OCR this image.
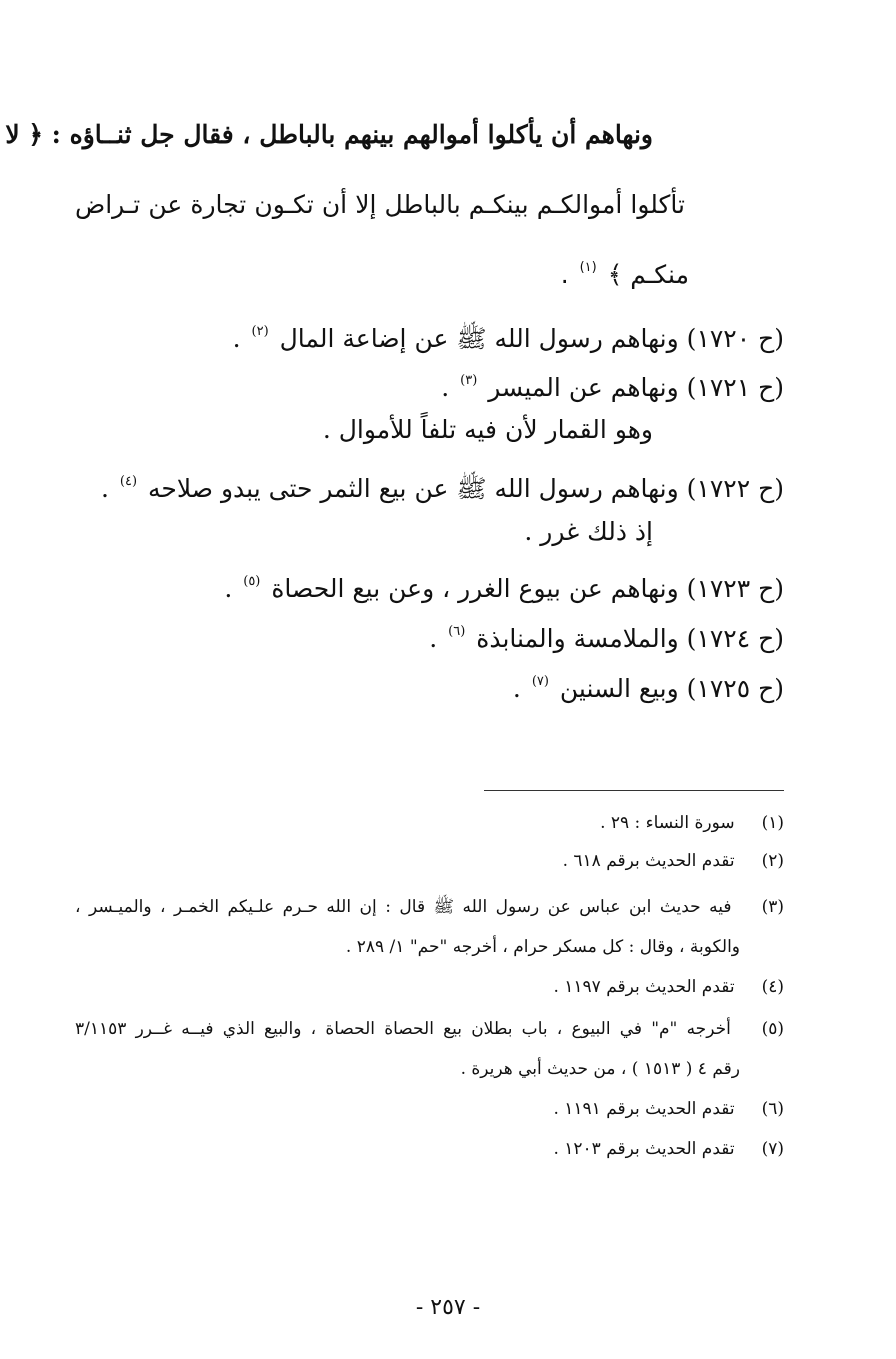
ونهاهم أن يأكلوا أموالهم بينهم بالباطل ، فقال جل ثنــاؤه : ﴿ لا
تأكلوا أموالكـم بينكـم بالباطل إلا أن تكـون تجارة عن تـراض
منكـم ﴾ $^{(١)}$ .
(ح ١٧٢٠) ونهاهم رسول الله ﷺ عن إضاعة المال $^{(٢)}$ .
(ح ١٧٢١) ونهاهم عن الميسر $^{(٣)}$ .
وهو القمار لأن فيه تلفاً للأموال .
(ح ١٧٢٢) ونهاهم رسول الله ﷺ عن بيع الثمر حتى يبدو صلاحه $^{(٤)}$ .
إذ ذلك غرر .
(ح ١٧٢٣) ونهاهم عن بيوع الغرر ، وعن بيع الحصاة $^{(٥)}$ .
(ح ١٧٢٤) والملامسة والمنابذة $^{(٦)}$ .
(ح ١٧٢٥) وبيع السنين $^{(٧)}$ .
(١) سورة النساء : ٢٩ .
(٢) تقدم الحديث برقم ٦١٨ .
(٣) فيه حديث ابن عباس عن رسول الله ﷺ قال : إن الله حـرم علـيكم الخمـر ، والميـسر ،
والكوبة ، وقال : كل مسكر حرام ، أخرجه "حم" ١/ ٢٨٩ .
(٤) تقدم الحديث برقم ١١٩٧ .
(٥) أخرجه "م" في البيوع ، باب بطلان بيع الحصاة الحصاة ، والبيع الذي فيــه غــرر ٣/١١٥٣
رقم ٤ ( ١٥١٣ ) ، من حديث أبي هريرة .
(٦) تقدم الحديث برقم ١١٩١ .
(٧) تقدم الحديث برقم ١٢٠٣ .
- ٢٥٧ -
